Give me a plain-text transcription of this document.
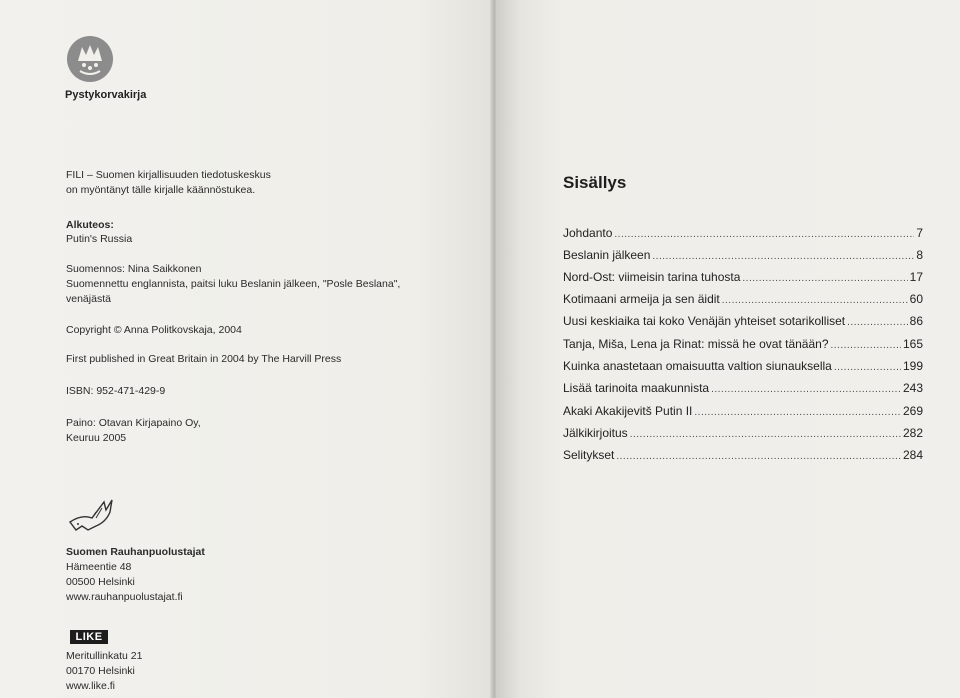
Pystykorvakirja
FILI – Suomen kirjallisuuden tiedotuskeskus
on myöntänyt tälle kirjalle käännöstukea.
Alkuteos:
Putin's Russia
Suomennos: Nina Saikkonen
Suomennettu englannista, paitsi luku Beslanin jälkeen, "Posle Beslana",
venäjästä
Copyright © Anna Politkovskaja, 2004
First published in Great Britain in 2004 by The Harvill Press
ISBN: 952-471-429-9
Paino: Otavan Kirjapaino Oy,
Keuruu 2005
Suomen Rauhanpuolustajat
Hämeentie 48
00500 Helsinki
www.rauhanpuolustajat.fi
LIKE
Meritullinkatu 21
00170 Helsinki
www.like.fi
Sisällys
Johdanto .....	7
Beslanin jälkeen .....	8
Nord-Ost: viimeisin tarina tuhosta .....	17
Kotimaani armeija ja sen äidit .....	60
Uusi keskiaika tai koko Venäjän yhteiset sotarikolliset .....	86
Tanja, Miša, Lena ja Rinat: missä he ovat tänään? .....	165
Kuinka anastetaan omaisuutta valtion siunauksella .....	199
Lisää tarinoita maakunnista .....	243
Akaki Akakijevitš Putin II .....	269
Jälkikirjoitus .....	282
Selitykset .....	284
